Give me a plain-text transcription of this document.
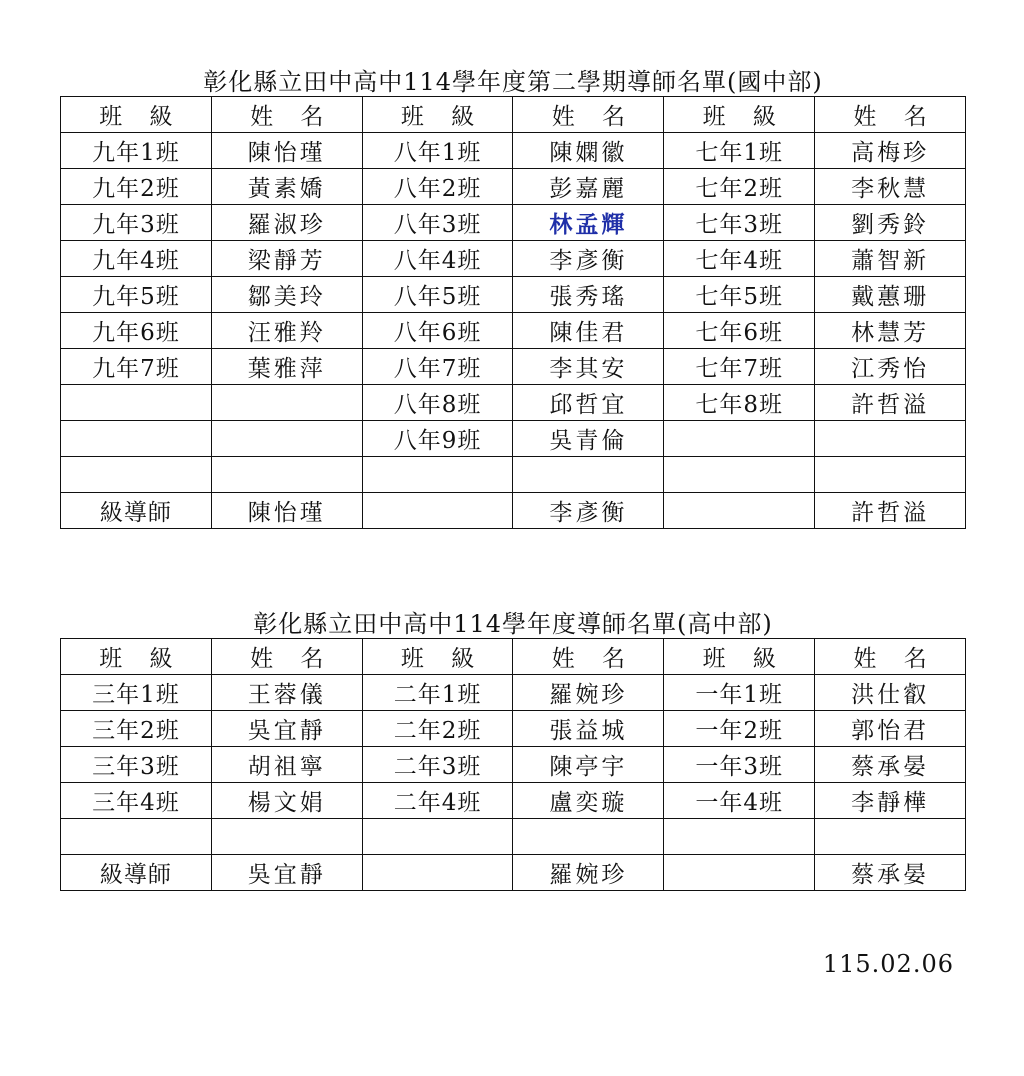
彰化縣立田中高中114學年度第二學期導師名單(國中部)
班 級	姓 名	班 級	姓 名	班 級	姓 名
九年1班	陳怡瑾	八年1班	陳嫻徽	七年1班	高梅珍
九年2班	黃素嬌	八年2班	彭嘉麗	七年2班	李秋慧
九年3班	羅淑珍	八年3班	林孟輝	七年3班	劉秀鈴
九年4班	梁靜芳	八年4班	李彥衡	七年4班	蕭智新
九年5班	鄒美玲	八年5班	張秀瑤	七年5班	戴蕙珊
九年6班	汪雅羚	八年6班	陳佳君	七年6班	林慧芳
九年7班	葉雅萍	八年7班	李其安	七年7班	江秀怡
		八年8班	邱哲宜	七年8班	許哲溢
		八年9班	吳青倫		

級導師	陳怡瑾		李彥衡		許哲溢
彰化縣立田中高中114學年度導師名單(高中部)
班 級	姓 名	班 級	姓 名	班 級	姓 名
三年1班	王蓉儀	二年1班	羅婉珍	一年1班	洪仕叡
三年2班	吳宜靜	二年2班	張益城	一年2班	郭怡君
三年3班	胡祖寧	二年3班	陳亭宇	一年3班	蔡承晏
三年4班	楊文娟	二年4班	盧奕璇	一年4班	李靜樺

級導師	吳宜靜		羅婉珍		蔡承晏
115.02.06
